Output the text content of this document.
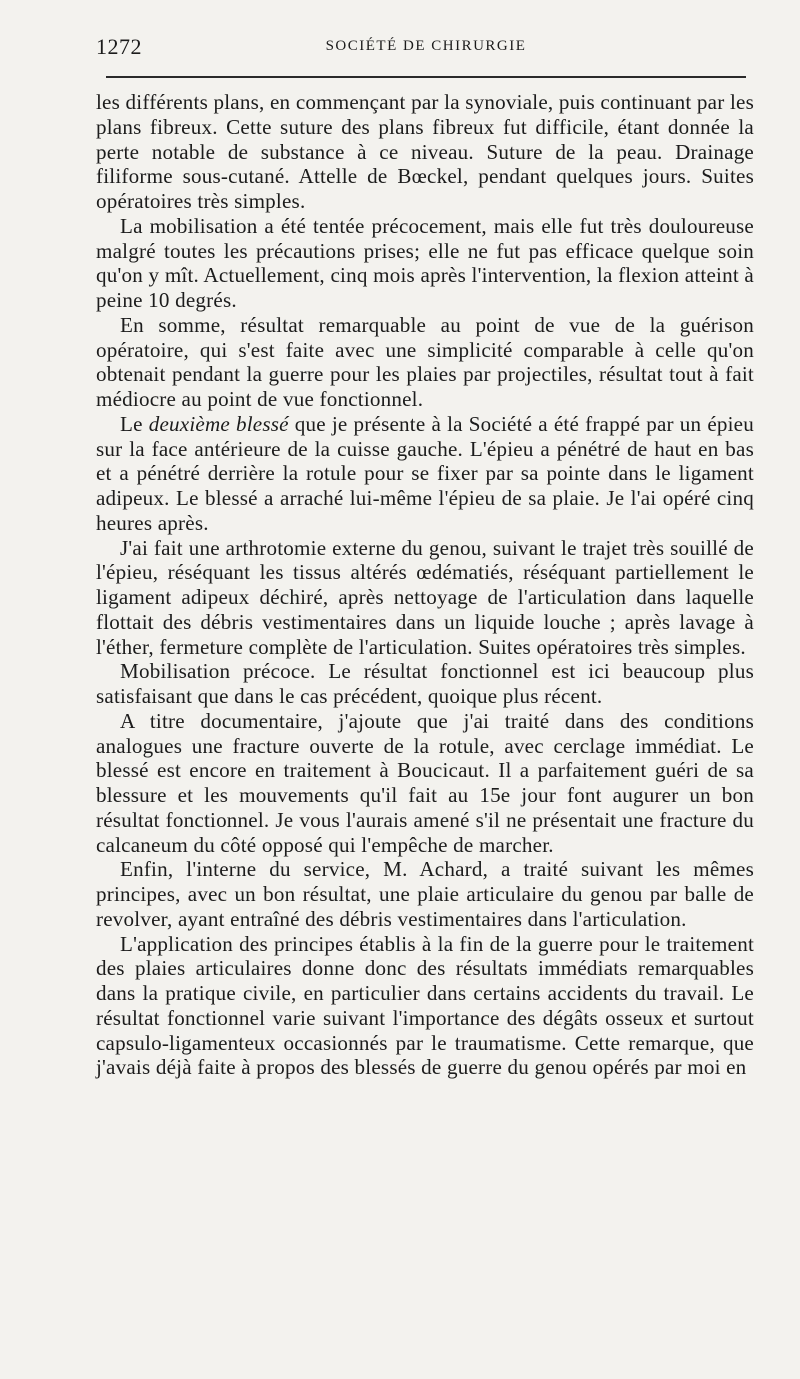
1272	SOCIÉTÉ DE CHIRURGIE

les différents plans, en commençant par la synoviale, puis continuant par les plans fibreux. Cette suture des plans fibreux fut difficile, étant donnée la perte notable de substance à ce niveau. Suture de la peau. Drainage filiforme sous-cutané. Attelle de Bœckel, pendant quelques jours. Suites opératoires très simples.

La mobilisation a été tentée précocement, mais elle fut très douloureuse malgré toutes les précautions prises; elle ne fut pas efficace quelque soin qu'on y mît. Actuellement, cinq mois après l'intervention, la flexion atteint à peine 10 degrés.

En somme, résultat remarquable au point de vue de la guérison opératoire, qui s'est faite avec une simplicité comparable à celle qu'on obtenait pendant la guerre pour les plaies par projectiles, résultat tout à fait médiocre au point de vue fonctionnel.

Le deuxième blessé que je présente à la Société a été frappé par un épieu sur la face antérieure de la cuisse gauche. L'épieu a pénétré de haut en bas et a pénétré derrière la rotule pour se fixer par sa pointe dans le ligament adipeux. Le blessé a arraché lui-même l'épieu de sa plaie. Je l'ai opéré cinq heures après.

J'ai fait une arthrotomie externe du genou, suivant le trajet très souillé de l'épieu, réséquant les tissus altérés œdématiés, réséquant partiellement le ligament adipeux déchiré, après nettoyage de l'articulation dans laquelle flottait des débris vestimentaires dans un liquide louche ; après lavage à l'éther, fermeture complète de l'articulation. Suites opératoires très simples.

Mobilisation précoce. Le résultat fonctionnel est ici beaucoup plus satisfaisant que dans le cas précédent, quoique plus récent.

A titre documentaire, j'ajoute que j'ai traité dans des conditions analogues une fracture ouverte de la rotule, avec cerclage immédiat. Le blessé est encore en traitement à Boucicaut. Il a parfaitement guéri de sa blessure et les mouvements qu'il fait au 15e jour font augurer un bon résultat fonctionnel. Je vous l'aurais amené s'il ne présentait une fracture du calcaneum du côté opposé qui l'empêche de marcher.

Enfin, l'interne du service, M. Achard, a traité suivant les mêmes principes, avec un bon résultat, une plaie articulaire du genou par balle de revolver, ayant entraîné des débris vestimentaires dans l'articulation.

L'application des principes établis à la fin de la guerre pour le traitement des plaies articulaires donne donc des résultats immédiats remarquables dans la pratique civile, en particulier dans certains accidents du travail. Le résultat fonctionnel varie suivant l'importance des dégâts osseux et surtout capsulo-ligamenteux occasionnés par le traumatisme. Cette remarque, que j'avais déjà faite à propos des blessés de guerre du genou opérés par moi en
